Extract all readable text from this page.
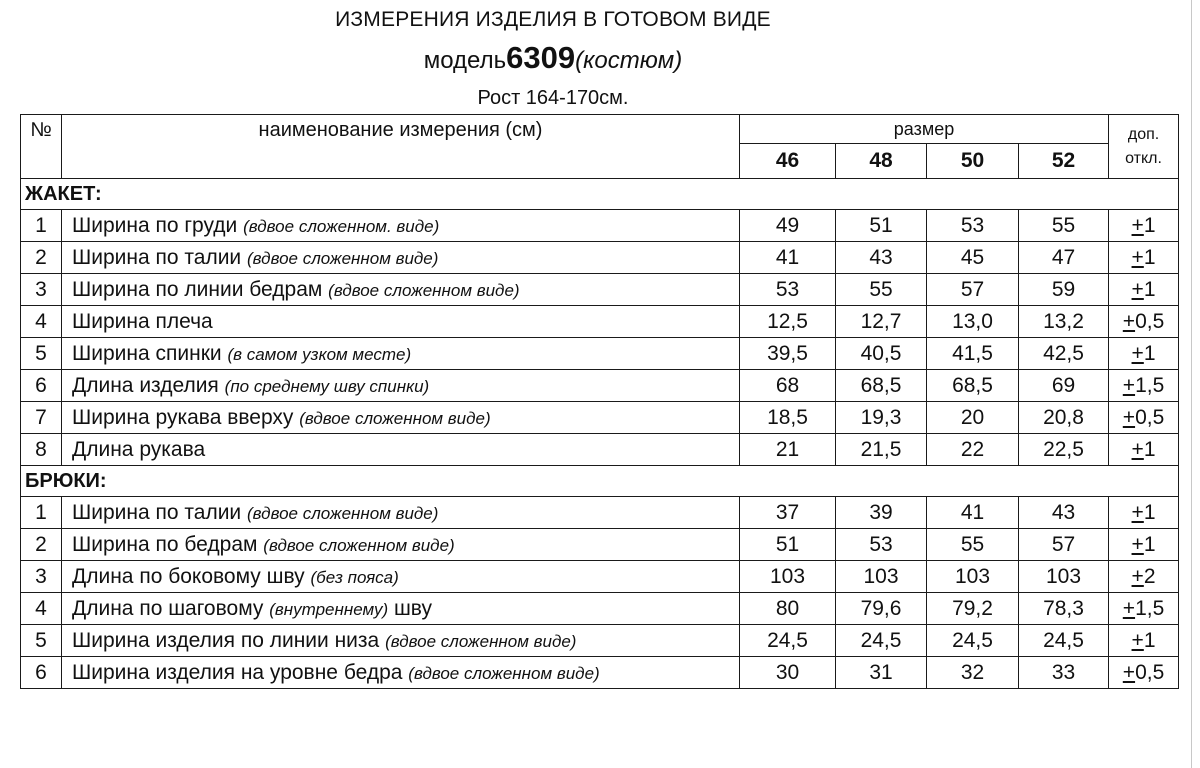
ИЗМЕРЕНИЯ ИЗДЕЛИЯ В ГОТОВОМ ВИДЕ
модель6309(костюм)
Рост 164-170см.
№	наименование измерения (см)	размер				доп.
откл.
		46	48	50	52	
ЖАКЕТ:						
1	Ширина по груди (вдвое сложенном. виде)	49	51	53	55	+1
2	Ширина по талии (вдвое сложенном виде)	41	43	45	47	+1
3	Ширина по линии бедрам (вдвое сложенном виде)	53	55	57	59	+1
4	Ширина плеча	12,5	12,7	13,0	13,2	+0,5
5	Ширина спинки (в самом узком месте)	39,5	40,5	41,5	42,5	+1
6	Длина изделия (по среднему шву спинки)	68	68,5	68,5	69	+1,5
7	Ширина рукава вверху (вдвое сложенном виде)	18,5	19,3	20	20,8	+0,5
8	Длина рукава	21	21,5	22	22,5	+1
БРЮКИ:						
1	Ширина по талии (вдвое сложенном виде)	37	39	41	43	+1
2	Ширина по бедрам (вдвое сложенном виде)	51	53	55	57	+1
3	Длина по боковому шву (без пояса)	103	103	103	103	+2
4	Длина по шаговому (внутреннему) шву	80	79,6	79,2	78,3	+1,5
5	Ширина изделия по линии низа (вдвое сложенном виде)	24,5	24,5	24,5	24,5	+1
6	Ширина изделия на уровне бедра (вдвое сложенном виде)	30	31	32	33	+0,5
